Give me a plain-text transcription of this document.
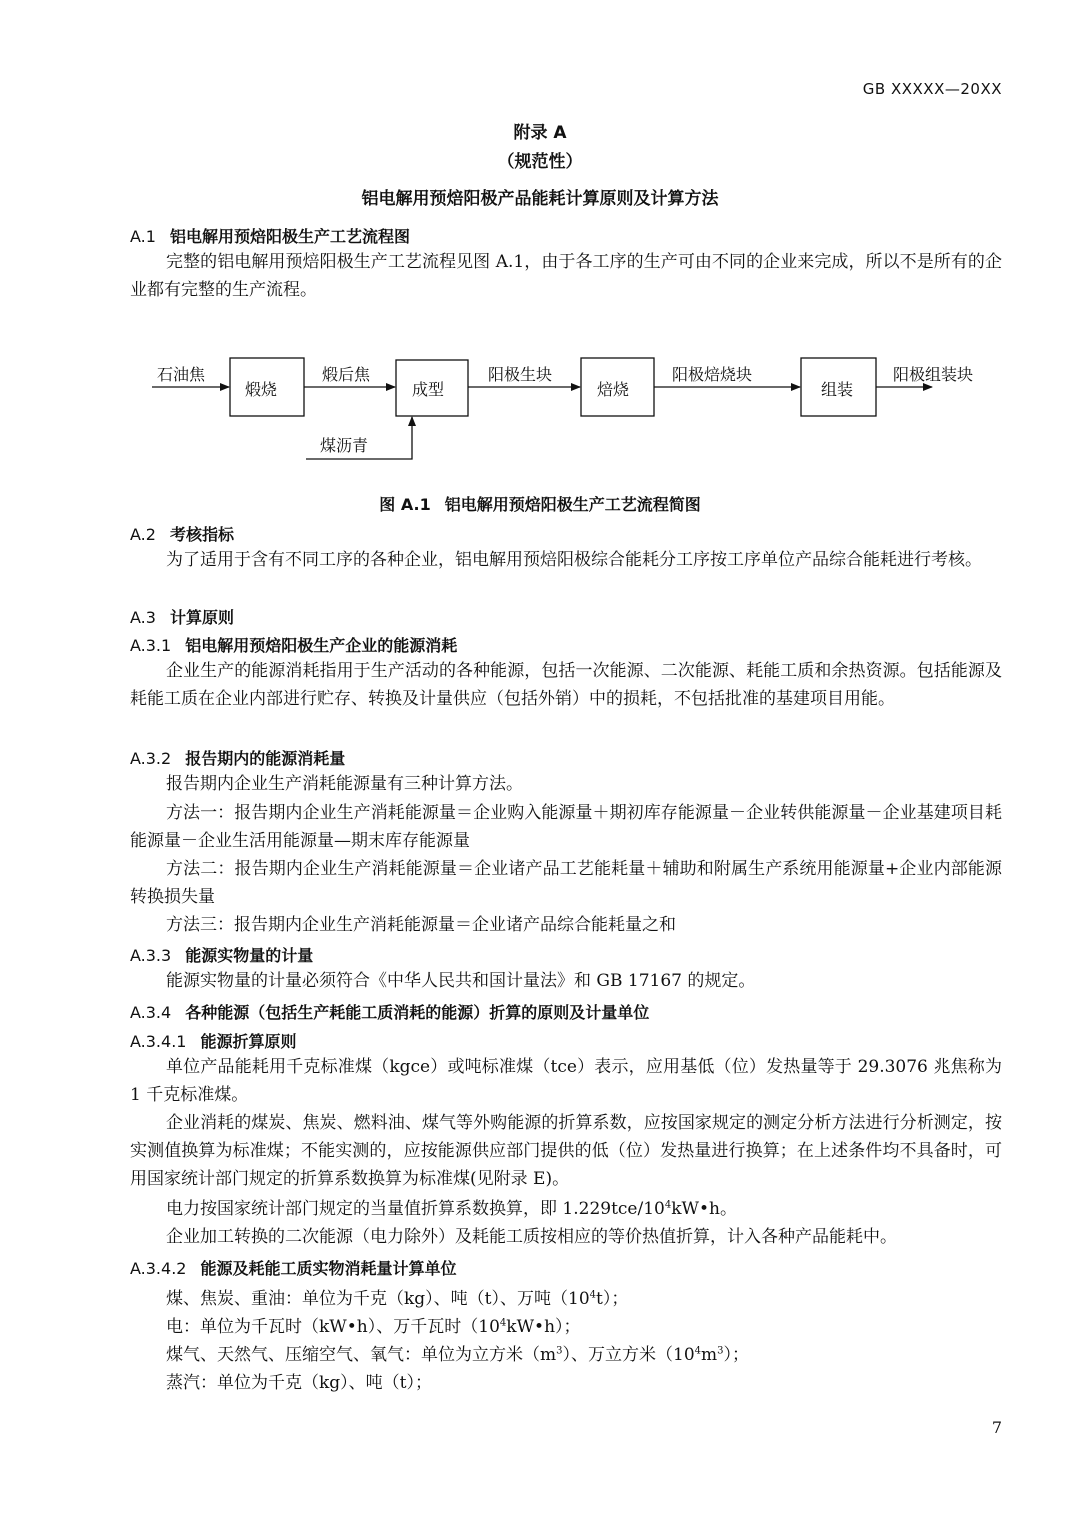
GB XXXXX—20XX
附录 A
（规范性）
铝电解用预焙阳极产品能耗计算原则及计算方法
A.1 铝电解用预焙阳极生产工艺流程图

完整的铝电解用预焙阳极生产工艺流程见图 A.1，由于各工序的生产可由不同的企业来完成，所以不是所有的企业都有完整的生产流程。

石油焦
煅烧
煅后焦
成型
阳极生块
焙烧
阳极焙烧块
组装
阳极组装块
煤沥青
图 A.1 铝电解用预焙阳极生产工艺流程简图
A.2 考核指标

为了适用于含有不同工序的各种企业，铝电解用预焙阳极综合能耗分工序按工序单位产品综合能耗进行考核。

A.3 计算原则
A.3.1 铝电解用预焙阳极生产企业的能源消耗

企业生产的能源消耗指用于生产活动的各种能源，包括一次能源、二次能源、耗能工质和余热资源。包括能源及耗能工质在企业内部进行贮存、转换及计量供应（包括外销）中的损耗，不包括批准的基建项目用能。

A.3.2 报告期内的能源消耗量

报告期内企业生产消耗能源量有三种计算方法。

方法一：报告期内企业生产消耗能源量＝企业购入能源量＋期初库存能源量－企业转供能源量－企业基建项目耗能源量－企业生活用能源量—期末库存能源量

方法二：报告期内企业生产消耗能源量＝企业诸产品工艺能耗量＋辅助和附属生产系统用能源量+企业内部能源转换损失量

方法三：报告期内企业生产消耗能源量＝企业诸产品综合能耗量之和

A.3.3 能源实物量的计量

能源实物量的计量必须符合《中华人民共和国计量法》和 GB 17167 的规定。

A.3.4 各种能源（包括生产耗能工质消耗的能源）折算的原则及计量单位
A.3.4.1 能源折算原则

单位产品能耗用千克标准煤（kgce）或吨标准煤（tce）表示，应用基低（位）发热量等于 29.3076 兆焦称为 1 千克标准煤。

企业消耗的煤炭、焦炭、燃料油、煤气等外购能源的折算系数，应按国家规定的测定分析方法进行分析测定，按实测值换算为标准煤；不能实测的，应按能源供应部门提供的低（位）发热量进行换算；在上述条件均不具备时，可用国家统计部门规定的折算系数换算为标准煤(见附录 E)。

电力按国家统计部门规定的当量值折算系数换算，即 $1.229tce/10^4kW•h$。

企业加工转换的二次能源（电力除外）及耗能工质按相应的等价热值折算，计入各种产品能耗中。

A.3.4.2 能源及耗能工质实物消耗量计算单位
煤、焦炭、重油：单位为千克（kg）、吨（t）、万吨$(10^4t)$；
电：单位为千瓦时（kW•h）、万千瓦时$(10^4kW•h)$；
煤气、天然气、压缩空气、氧气：单位为立方米$(m^3)$、万立方米$(10^4m^3)$；
蒸汽：单位为千克（kg）、吨（t）；
7
